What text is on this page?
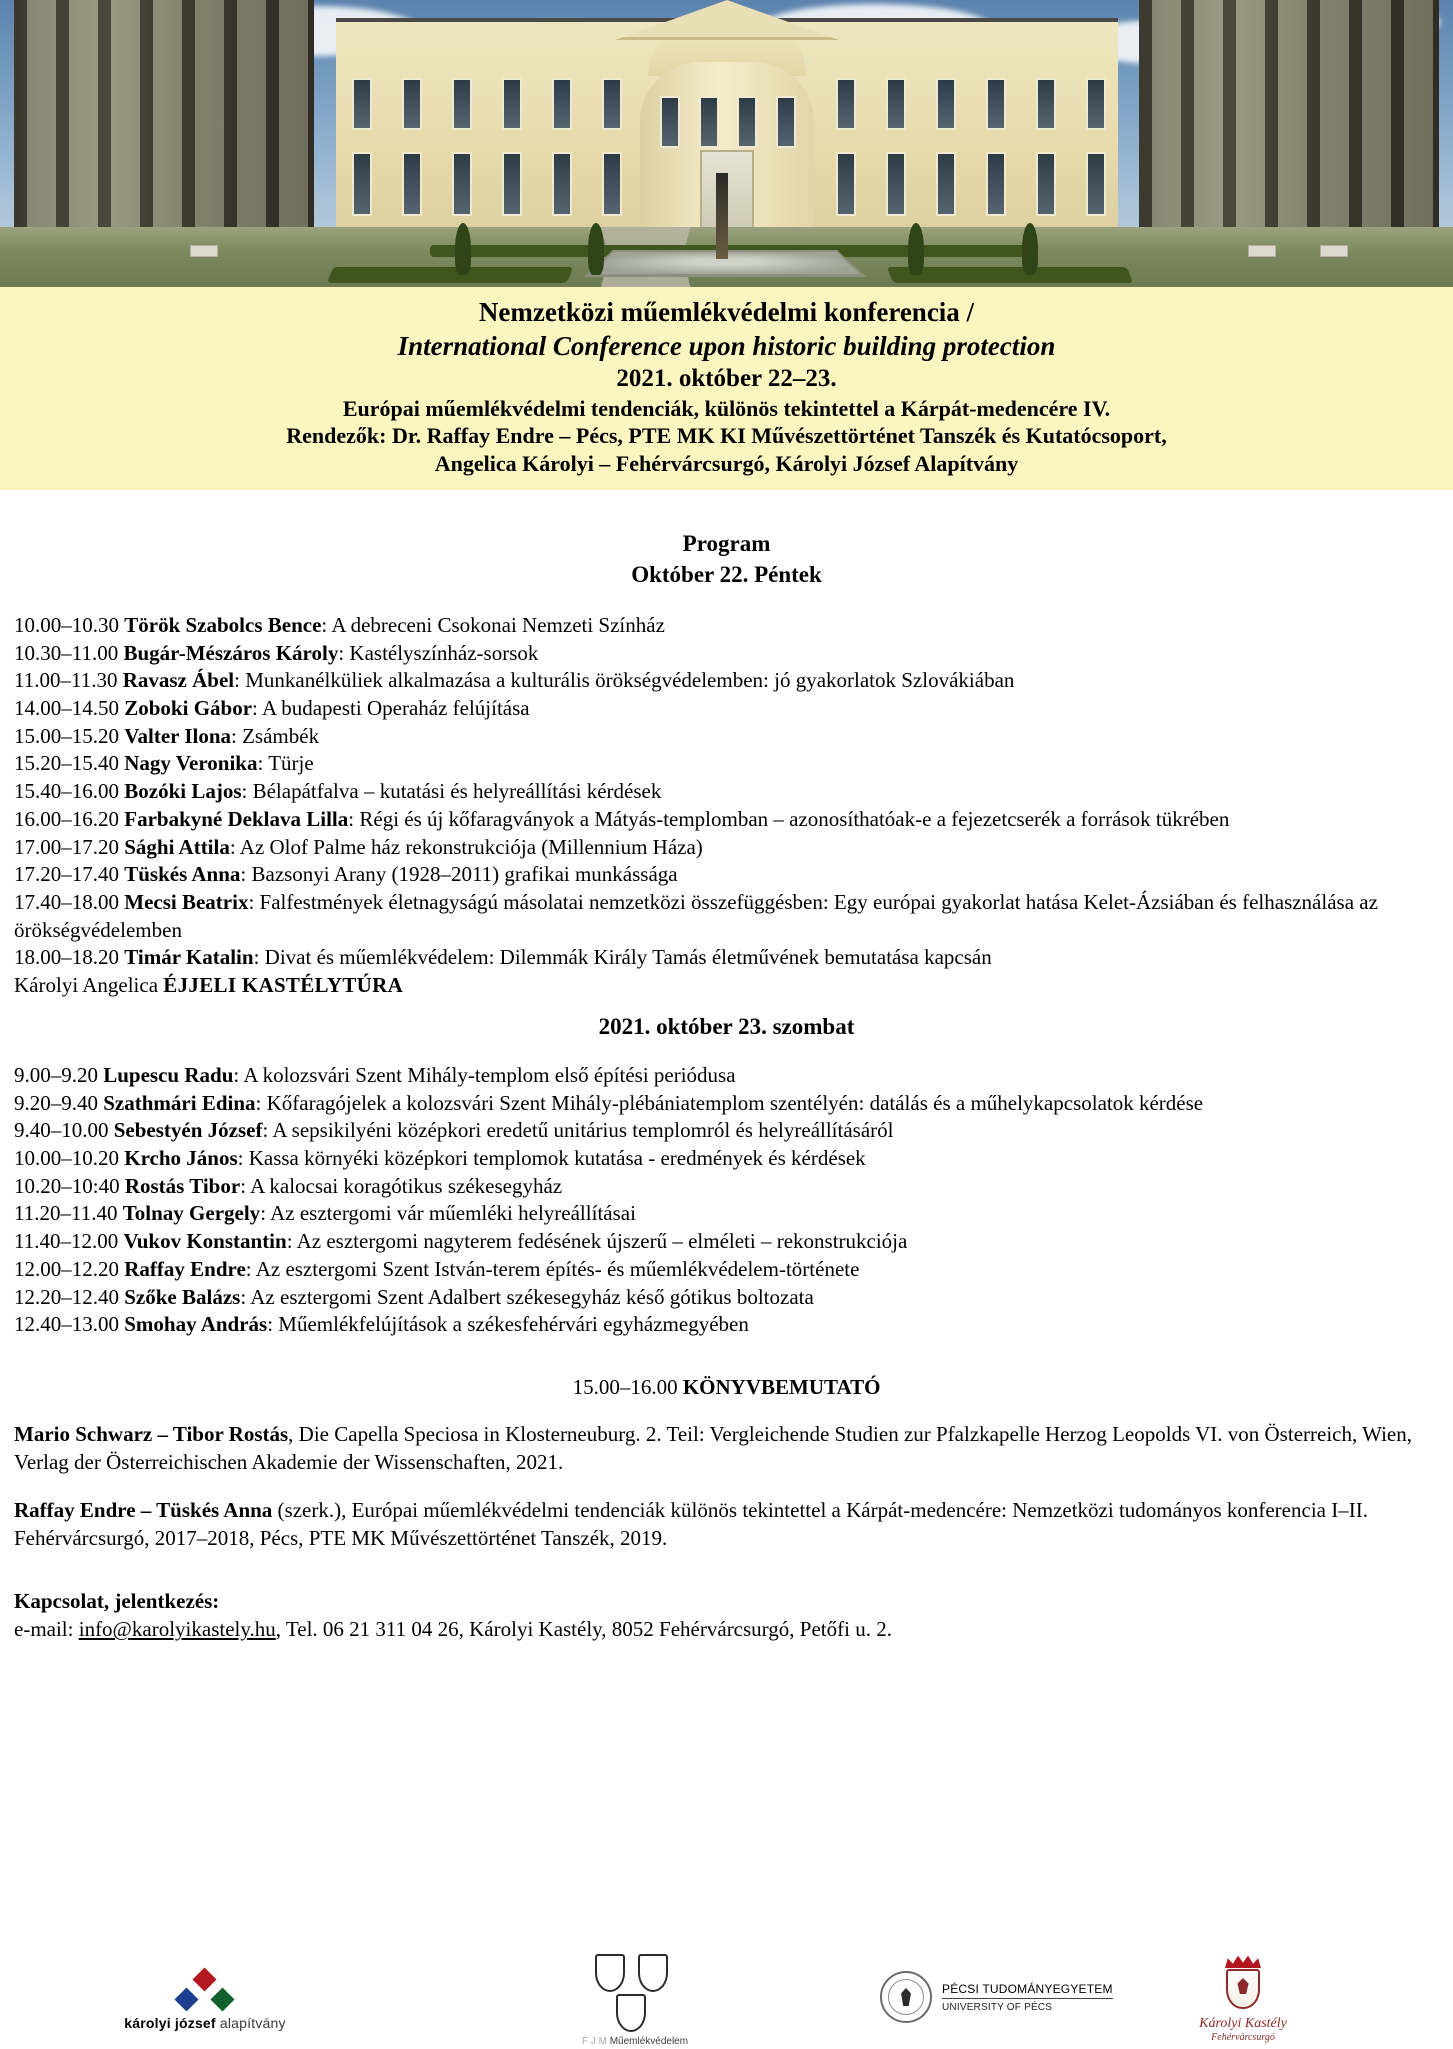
Nemzetközi műemlékvédelmi konferencia /
International Conference upon historic building protection
2021. október 22–23.
Európai műemlékvédelmi tendenciák, különös tekintettel a Kárpát-medencére IV.
Rendezők: Dr. Raffay Endre – Pécs, PTE MK KI Művészettörténet Tanszék és Kutatócsoport,
Angelica Károlyi – Fehérvárcsurgó, Károlyi József Alapítvány
Program
Október 22. Péntek

10.00–10.30 Török Szabolcs Bence: A debreceni Csokonai Nemzeti Színház

10.30–11.00 Bugár-Mészáros Károly: Kastélyszínház-sorsok

11.00–11.30 Ravasz Ábel: Munkanélküliek alkalmazása a kulturális örökségvédelemben: jó gyakorlatok Szlovákiában

14.00–14.50 Zoboki Gábor: A budapesti Operaház felújítása

15.00–15.20 Valter Ilona: Zsámbék

15.20–15.40 Nagy Veronika: Türje

15.40–16.00 Bozóki Lajos: Bélapátfalva – kutatási és helyreállítási kérdések

16.00–16.20 Farbakyné Deklava Lilla: Régi és új kőfaragványok a Mátyás-templomban – azonosíthatóak-e a fejezetcserék a források tükrében

17.00–17.20 Sághi Attila: Az Olof Palme ház rekonstrukciója (Millennium Háza)

17.20–17.40 Tüskés Anna: Bazsonyi Arany (1928–2011) grafikai munkássága

17.40–18.00 Mecsi Beatrix: Falfestmények életnagyságú másolatai nemzetközi összefüggésben: Egy európai gyakorlat hatása Kelet-Ázsiában és felhasználása az örökségvédelemben

18.00–18.20 Timár Katalin: Divat és műemlékvédelem: Dilemmák Király Tamás életművének bemutatása kapcsán

Károlyi Angelica ÉJJELI KASTÉLYTÚRA
2021. október 23. szombat

9.00–9.20 Lupescu Radu: A kolozsvári Szent Mihály-templom első építési periódusa

9.20–9.40 Szathmári Edina: Kőfaragójelek a kolozsvári Szent Mihály-plébániatemplom szentélyén: datálás és a műhelykapcsolatok kérdése

9.40–10.00 Sebestyén József: A sepsikilyéni középkori eredetű unitárius templomról és helyreállításáról

10.00–10.20 Krcho János: Kassa környéki középkori templomok kutatása - eredmények és kérdések

10.20–10:40 Rostás Tibor: A kalocsai koragótikus székesegyház

11.20–11.40 Tolnay Gergely: Az esztergomi vár műemléki helyreállításai

11.40–12.00 Vukov Konstantin: Az esztergomi nagyterem fedésének újszerű – elméleti – rekonstrukciója

12.00–12.20 Raffay Endre: Az esztergomi Szent István-terem építés- és műemlékvédelem-története

12.20–12.40 Szőke Balázs: Az esztergomi Szent Adalbert székesegyház késő gótikus boltozata

12.40–13.00 Smohay András: Műemlékfelújítások a székesfehérvári egyházmegyében

15.00–16.00 KÖNYVBEMUTATÓ

Mario Schwarz – Tibor Rostás, Die Capella Speciosa in Klosterneuburg. 2. Teil: Vergleichende Studien zur Pfalzkapelle Herzog Leopolds VI. von Österreich, Wien, Verlag der Österreichischen Akademie der Wissenschaften, 2021.

Raffay Endre – Tüskés Anna (szerk.), Európai műemlékvédelmi tendenciák különös tekintettel a Kárpát-medencére: Nemzetközi tudományos konferencia I–II. Fehérvárcsurgó, 2017–2018, Pécs, PTE MK Művészettörténet Tanszék, 2019.

Kapcsolat, jelentkezés:
e-mail: info@karolyikastely.hu, Tel. 06 21 311 04 26, Károlyi Kastély, 8052 Fehérvárcsurgó, Petőfi u. 2.
károlyi józsef alapítvány
F J M Műemlékvédelem
PÉCSI TUDOMÁNYEGYETEM
UNIVERSITY OF PÉCS
Károlyi Kastély
Fehérvárcsurgó
